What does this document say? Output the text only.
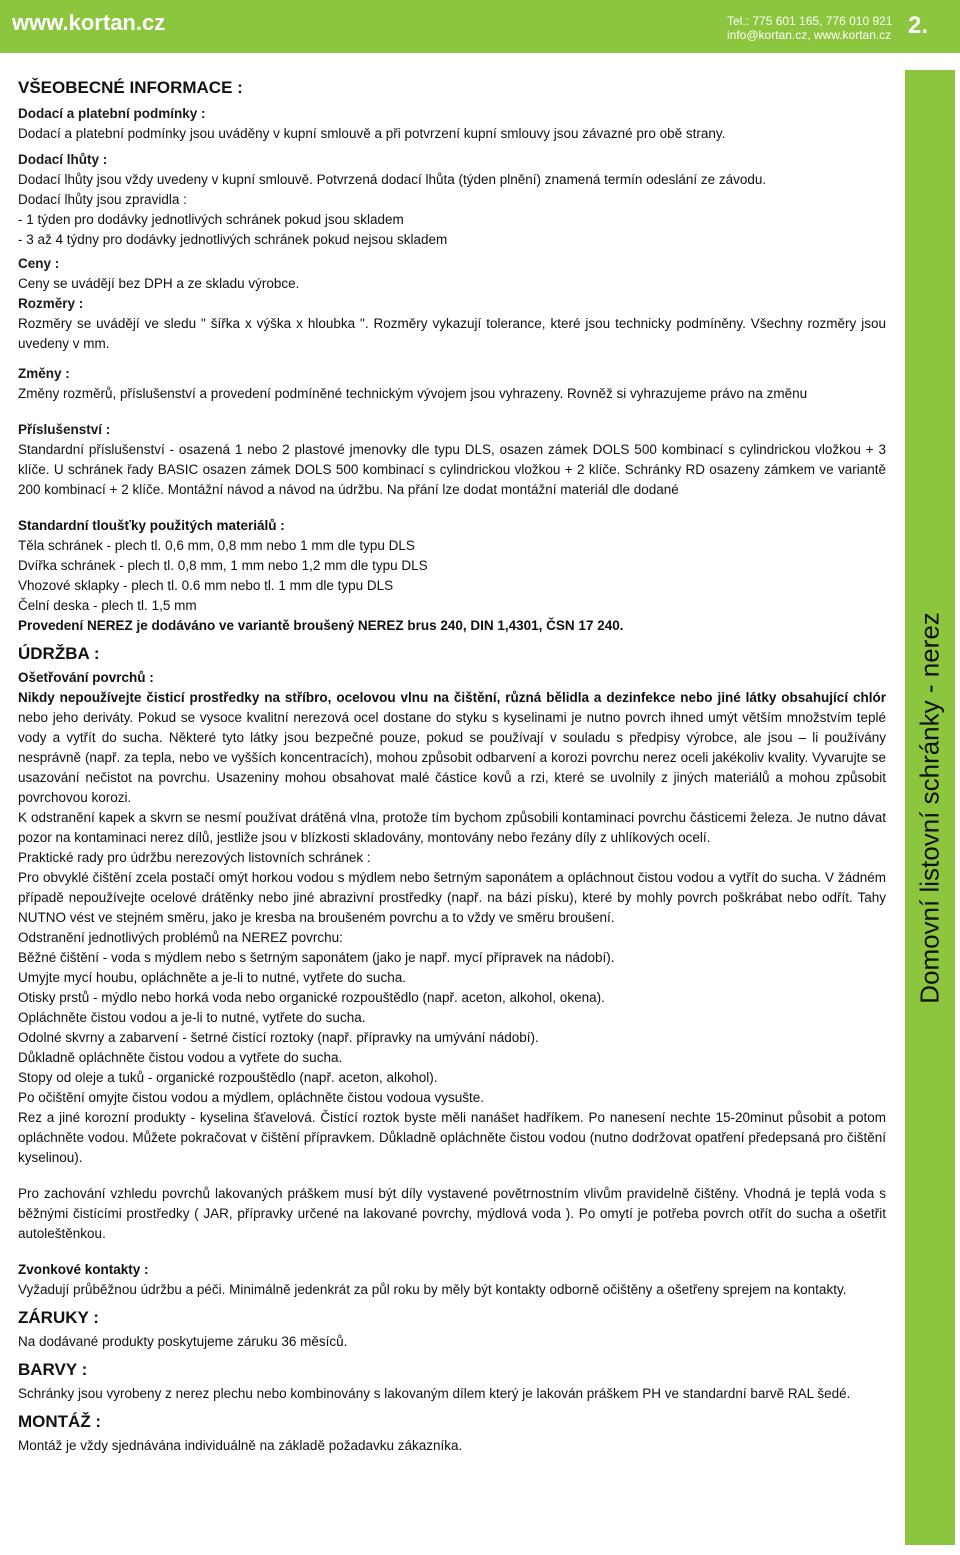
www.kortan.cz	Tel.: 775 601 165, 776 010 921
info@kortan.cz, www.kortan.cz 2.
Domovní listovní schránky - nerez
VŠEOBECNÉ INFORMACE :

Dodací a platební podmínky :

Dodací a platební podmínky jsou uváděny v kupní smlouvě a při potvrzení kupní smlouvy jsou závazné pro obě strany.

Dodací lhůty :

Dodací lhůty jsou vždy uvedeny v kupní smlouvě. Potvrzená dodací lhůta (týden plnění) znamená termín odeslání ze závodu.

Dodací lhůty jsou zpravidla :

- 1 týden pro dodávky jednotlivých schránek pokud jsou skladem

- 3 až 4 týdny pro dodávky jednotlivých schránek pokud nejsou skladem

Ceny :

Ceny se uvádějí bez DPH a ze skladu výrobce.

Rozměry :

Rozměry se uvádějí ve sledu " šířka x výška x hloubka ". Rozměry vykazují tolerance, které jsou technicky podmíněny. Všechny rozměry jsou uvedeny v mm.

Změny :

Změny rozměrů, příslušenství a provedení podmíněné technickým vývojem jsou vyhrazeny. Rovněž si vyhrazujeme právo na změnu

Příslušenství :

Standardní příslušenství - osazená 1 nebo 2 plastové jmenovky dle typu DLS, osazen zámek DOLS 500 kombinací s cylindrickou vložkou + 3 klíče. U schránek řady BASIC osazen zámek DOLS 500 kombinací s cylindrickou vložkou + 2 klíče. Schránky RD osazeny zámkem ve variantě 200 kombinací + 2 klíče. Montážní návod a návod na údržbu. Na přání lze dodat montážní materiál dle dodané

Standardní tloušťky použitých materiálů :

Těla schránek - plech tl. 0,6 mm, 0,8 mm nebo 1 mm dle typu DLS

Dvířka schránek - plech tl. 0,8 mm, 1 mm nebo 1,2 mm dle typu DLS

Vhozové sklapky - plech tl. 0.6 mm nebo tl. 1 mm dle typu DLS

Čelní deska - plech tl. 1,5 mm

Provedení NEREZ je dodáváno ve variantě broušený NEREZ brus 240, DIN 1,4301, ČSN 17 240.

ÚDRŽBA :

Ošetřování povrchů :

Nikdy nepoužívejte čisticí prostředky na stříbro, ocelovou vlnu na čištění, různá bělidla a dezinfekce nebo jiné látky obsahující chlór nebo jeho deriváty. Pokud se vysoce kvalitní nerezová ocel dostane do styku s kyselinami je nutno povrch ihned umýt větším množstvím teplé vody a vytřít do sucha. Některé tyto látky jsou bezpečné pouze, pokud se používají v souladu s předpisy výrobce, ale jsou – li používány nesprávně (např. za tepla, nebo ve vyšších koncentracích), mohou způsobit odbarvení a korozi povrchu nerez oceli jakékoliv kvality. Vyvarujte se usazování nečistot na povrchu. Usazeniny mohou obsahovat malé částice kovů a rzi, které se uvolnily z jiných materiálů a mohou způsobit povrchovou korozi.

K odstranění kapek a skvrn se nesmí používat drátěná vlna, protože tím bychom způsobili kontaminaci povrchu částicemi železa. Je nutno dávat pozor na kontaminaci nerez dílů, jestliže jsou v blízkosti skladovány, montovány nebo řezány díly z uhlíkových ocelí.

Praktické rady pro údržbu nerezových listovních schránek :

Pro obvyklé čištění zcela postačí omýt horkou vodou s mýdlem nebo šetrným saponátem a opláchnout čistou vodou a vytřít do sucha. V žádném případě nepoužívejte ocelové drátěnky nebo jiné abrazivní prostředky (např. na bázi písku), které by mohly povrch poškrábat nebo odřít. Tahy NUTNO vést ve stejném směru, jako je kresba na broušeném povrchu a to vždy ve směru broušení.

Odstranění jednotlivých problémů na NEREZ povrchu:

Běžné čištění - voda s mýdlem nebo s šetrným saponátem (jako je např. mycí přípravek na nádobí).

Umyjte mycí houbu, opláchněte a je-li to nutné, vytřete do sucha.

Otisky prstů - mýdlo nebo horká voda nebo organické rozpouštědlo (např. aceton, alkohol, okena).

Opláchněte čistou vodou a je-li to nutné, vytřete do sucha.

Odolné skvrny a zabarvení - šetrné čistící roztoky (např. přípravky na umývání nádobí).

Důkladně opláchněte čistou vodou a vytřete do sucha.

Stopy od oleje a tuků - organické rozpouštědlo (např. aceton, alkohol).

Po očištění omyjte čistou vodou a mýdlem, opláchněte čistou vodoua vysušte.

Rez a jiné korozní produkty - kyselina šťavelová. Čistící roztok byste měli nanášet hadříkem. Po nanesení nechte 15-20minut působit a potom opláchněte vodou. Můžete pokračovat v čištění přípravkem. Důkladně opláchněte čistou vodou (nutno dodržovat opatření předepsaná pro čištění kyselinou).

Pro zachování vzhledu povrchů lakovaných práškem musí být díly vystavené povětrnostním vlivům pravidelně čištěny. Vhodná je teplá voda s běžnými čistícími prostředky ( JAR, přípravky určené na lakované povrchy, mýdlová voda ). Po omytí je potřeba povrch otřít do sucha a ošetřit autoleštěnkou.

Zvonkové kontakty :

Vyžadují průběžnou údržbu a péči. Minimálně jedenkrát za půl roku by měly být kontakty odborně očištěny a ošetřeny sprejem na kontakty.

ZÁRUKY :

Na dodávané produkty poskytujeme záruku 36 měsíců.

BARVY :

Schránky jsou vyrobeny z nerez plechu nebo kombinovány s lakovaným dílem který je lakován práškem PH ve standardní barvě RAL šedé.

MONTÁŽ :

Montáž je vždy sjednávána individuálně na základě požadavku zákazníka.
